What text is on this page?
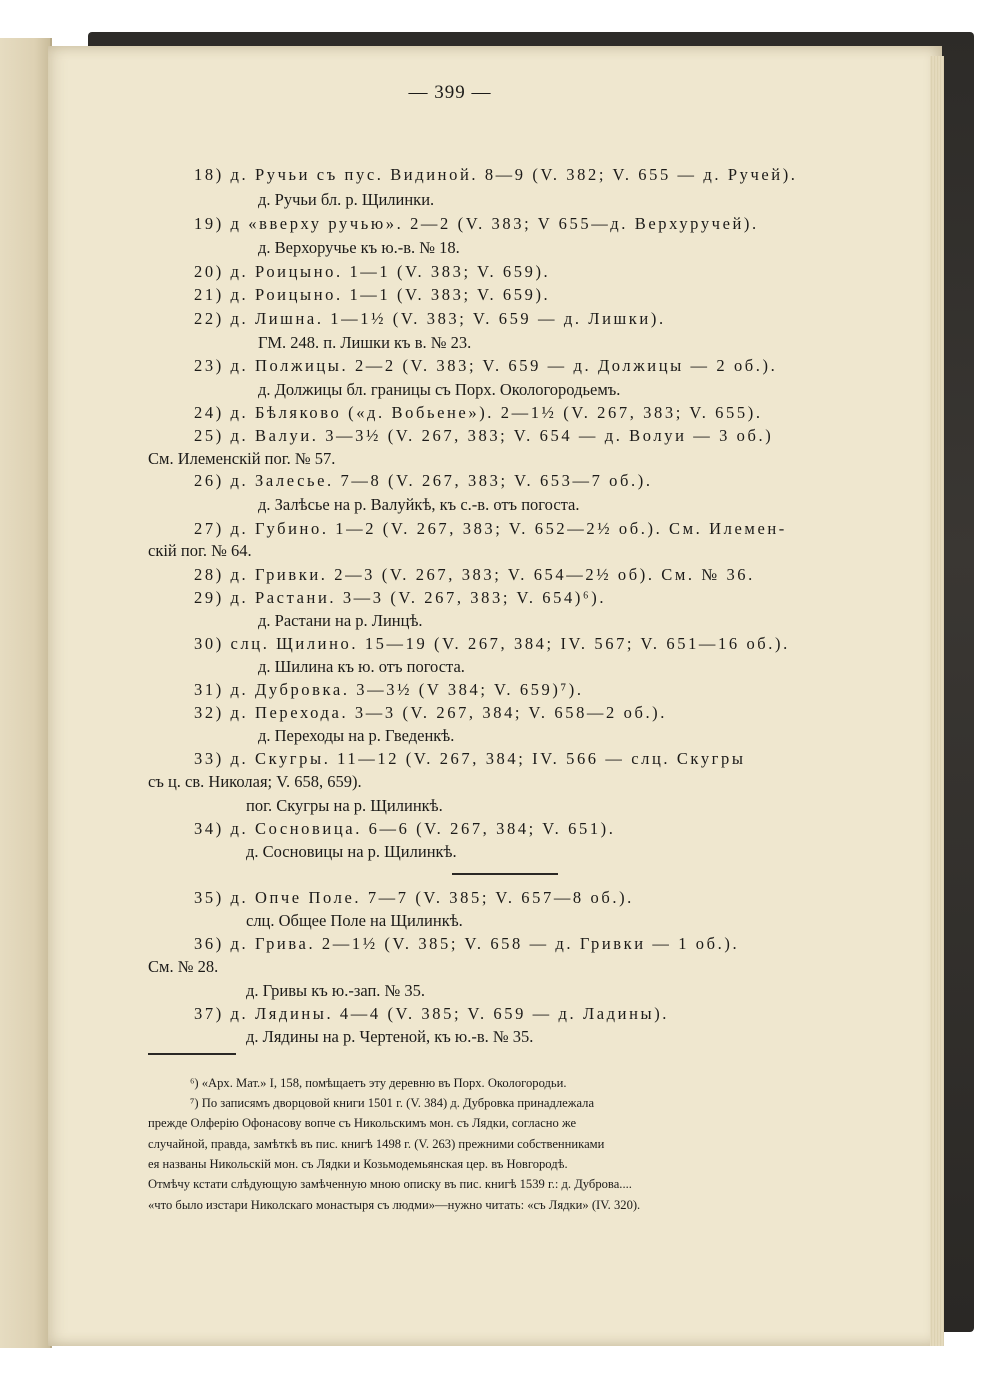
— 399 —
18) д. Ручьи съ пус. Видиной. 8—9 (V. 382; V. 655 — д. Ручей).
д. Ручьи бл. р. Щилинки.
19) д «вверху ручью». 2—2 (V. 383; V 655—д. Верхуручей).
д. Верхоручье къ ю.-в. № 18.
20) д. Роицыно. 1—1 (V. 383; V. 659).
21) д. Роицыно. 1—1 (V. 383; V. 659).
22) д. Лишна. 1—1½ (V. 383; V. 659 — д. Лишки).
ГМ. 248. п. Лишки къ в. № 23.
23) д. Полжицы. 2—2 (V. 383; V. 659 — д. Должицы — 2 об.).
д. Должицы бл. границы съ Порх. Окологородьемъ.
24) д. Бѣляково («д. Вобьене»). 2—1½ (V. 267, 383; V. 655).
25) д. Валуи. 3—3½ (V. 267, 383; V. 654 — д. Волуи — 3 об.)
См. Илеменскій пог. № 57.
26) д. Залесье. 7—8 (V. 267, 383; V. 653—7 об.).
д. Залѣсье на р. Валуйкѣ, къ с.-в. отъ погоста.
27) д. Губино. 1—2 (V. 267, 383; V. 652—2½ об.). См. Илемен-
скій пог. № 64.
28) д. Гривки. 2—3 (V. 267, 383; V. 654—2½ об). См. № 36.
29) д. Растани. 3—3 (V. 267, 383; V. 654)⁶).
д. Растани на р. Линцѣ.
30) слц. Щилино. 15—19 (V. 267, 384; IV. 567; V. 651—16 об.).
д. Шилина къ ю. отъ погоста.
31) д. Дубровка. 3—3½ (V 384; V. 659)⁷).
32) д. Перехода. 3—3 (V. 267, 384; V. 658—2 об.).
д. Переходы на р. Гведенкѣ.
33) д. Скугры. 11—12 (V. 267, 384; IV. 566 — слц. Скугры
съ ц. св. Николая; V. 658, 659).
пог. Скугры на р. Щилинкѣ.
34) д. Сосновица. 6—6 (V. 267, 384; V. 651).
д. Сосновицы на р. Щилинкѣ.
35) д. Опче Поле. 7—7 (V. 385; V. 657—8 об.).
слц. Общее Поле на Щилинкѣ.
36) д. Грива. 2—1½ (V. 385; V. 658 — д. Гривки — 1 об.).
См. № 28.
д. Гривы къ ю.-зап. № 35.
37) д. Лядины. 4—4 (V. 385; V. 659 — д. Ладины).
д. Лядины на р. Чертеной, къ ю.-в. № 35.
⁶) «Арх. Мат.» I, 158, помѣщаетъ эту деревню въ Порх. Окологородьи.
⁷) По записямъ дворцовой книги 1501 г. (V. 384) д. Дубровка принадлежала
прежде Олферію Офонасову вопче съ Никольскимъ мон. съ Лядки, согласно же
случайной, правда, замѣткѣ въ пис. книгѣ 1498 г. (V. 263) прежними собственниками
ея названы Никольскій мон. съ Лядки и Козьмодемьянская цер. въ Новгородѣ.
Отмѣчу кстати слѣдующую замѣченную мною описку въ пис. книгѣ 1539 г.: д. Дуброва....
«что было изстари Николскаго монастыря съ людми»—нужно читать: «съ Лядки» (IV. 320).
